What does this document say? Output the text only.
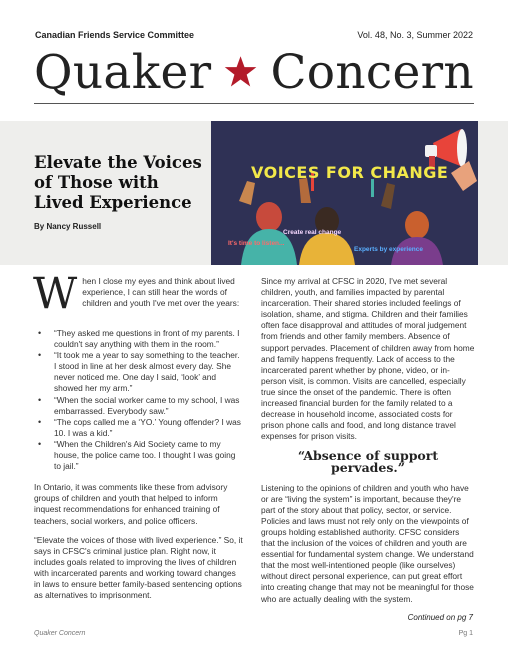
Canadian Friends Service Committee	Vol. 48, No. 3, Summer 2022
Quaker Concern
Elevate the Voices of Those with Lived Experience
By Nancy Russell
VOICES FOR CHANGE
Create real change
It's time to listen...
Experts by experience
When I close my eyes and think about lived experience, I can still hear the words of children and youth I've met over the years:
• “They asked me questions in front of my parents. I couldn't say anything with them in the room.”
• “It took me a year to say something to the teacher. I stood in line at her desk almost every day. She never noticed me. One day I said, ‘look’ and showed her my arm.”
• “When the social worker came to my school, I was embarrassed. Everybody saw.”
• “The cops called me a ‘YO.’ Young offender? I was 10. I was a kid.”
• “When the Children's Aid Society came to my house, the police came too. I thought I was going to jail.”

In Ontario, it was comments like these from advisory groups of children and youth that helped to inform inquest recommendations for enhanced training of teachers, social workers, and police officers.

“Elevate the voices of those with lived experience.” So, it says in CFSC's criminal justice plan. Right now, it includes goals related to improving the lives of children with incarcerated parents and working toward changes in laws to ensure better family-based sentencing options as alternatives to imprisonment.

Since my arrival at CFSC in 2020, I've met several children, youth, and families impacted by parental incarceration. Their shared stories included feelings of isolation, shame, and stigma. Children and their families often face disapproval and attitudes of moral judgement from friends and other family members. Absence of support pervades. Placement of children away from home and family happens frequently. Lack of access to the incarcerated parent whether by phone, video, or in-person visit, is common. Visits are cancelled, especially true since the onset of the pandemic. There is often increased financial burden for the family related to a decrease in household income, associated costs for prison phone calls and food, and long distance travel expenses for prison visits.

“Absence of support pervades.”

Listening to the opinions of children and youth who have or are “living the system” is important, because they're part of the story about that policy, sector, or service. Policies and laws must not rely only on the viewpoints of groups holding established authority. CFSC considers that the inclusion of the voices of children and youth are essential for fundamental system change. We understand that the most well-intentioned people (like ourselves) without direct personal experience, can put great effort into creating change that may not be meaningful for those who are actually dealing with the system.

Continued on pg 7
Quaker Concern	Pg 1
